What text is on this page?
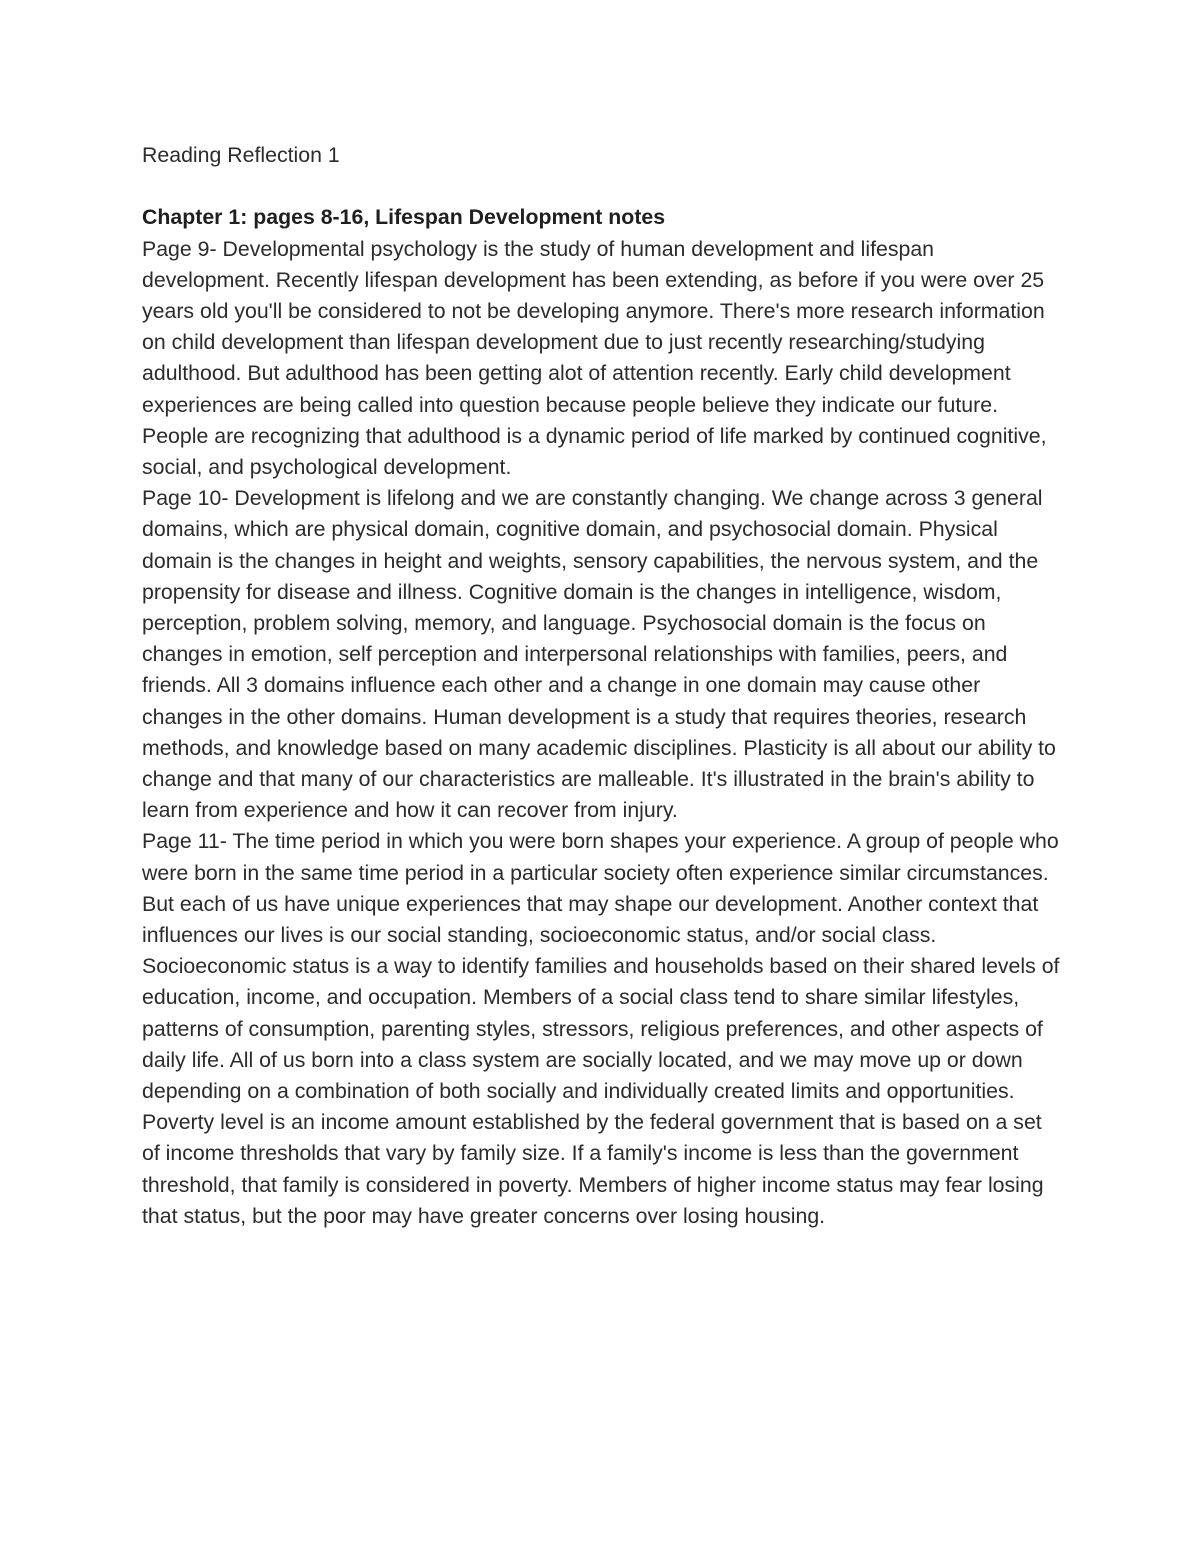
Reading Reflection 1
Chapter 1: pages 8-16, Lifespan Development notes

Page 9- Developmental psychology is the study of human development and lifespan development. Recently lifespan development has been extending, as before if you were over 25 years old you'll be considered to not be developing anymore. There's more research information on child development than lifespan development due to just recently researching/studying adulthood. But adulthood has been getting alot of attention recently. Early child development experiences are being called into question because people believe they indicate our future. People are recognizing that adulthood is a dynamic period of life marked by continued cognitive, social, and psychological development.

Page 10- Development is lifelong and we are constantly changing. We change across 3 general domains, which are physical domain, cognitive domain, and psychosocial domain. Physical domain is the changes in height and weights, sensory capabilities, the nervous system, and the propensity for disease and illness. Cognitive domain is the changes in intelligence, wisdom, perception, problem solving, memory, and language. Psychosocial domain is the focus on changes in emotion, self perception and interpersonal relationships with families, peers, and friends. All 3 domains influence each other and a change in one domain may cause other changes in the other domains. Human development is a study that requires theories, research methods, and knowledge based on many academic disciplines. Plasticity is all about our ability to change and that many of our characteristics are malleable. It's illustrated in the brain's ability to learn from experience and how it can recover from injury.

Page 11- The time period in which you were born shapes your experience. A group of people who were born in the same time period in a particular society often experience similar circumstances. But each of us have unique experiences that may shape our development. Another context that influences our lives is our social standing, socioeconomic status, and/or social class. Socioeconomic status is a way to identify families and households based on their shared levels of education, income, and occupation. Members of a social class tend to share similar lifestyles, patterns of consumption, parenting styles, stressors, religious preferences, and other aspects of daily life. All of us born into a class system are socially located, and we may move up or down depending on a combination of both socially and individually created limits and opportunities. Poverty level is an income amount established by the federal government that is based on a set of income thresholds that vary by family size. If a family's income is less than the government threshold, that family is considered in poverty. Members of higher income status may fear losing that status, but the poor may have greater concerns over losing housing.
